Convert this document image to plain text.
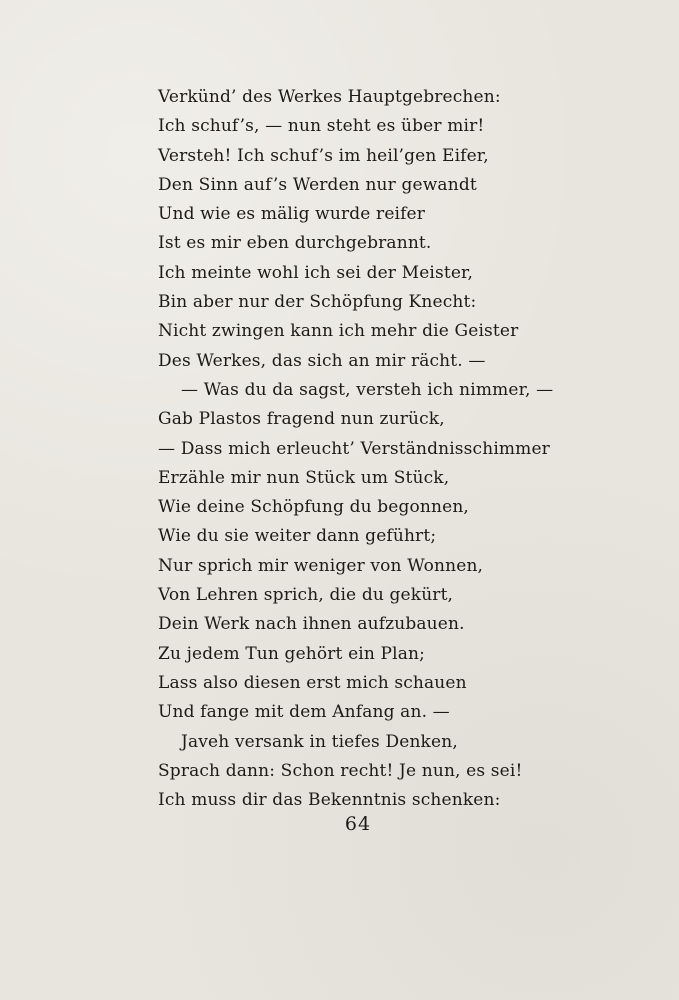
Verkünd’ des Werkes Hauptgebrechen:
Ich schuf’s, — nun steht es über mir!
Versteh! Ich schuf’s im heil’gen Eifer,
Den Sinn auf’s Werden nur gewandt
Und wie es mälig wurde reifer
Ist es mir eben durchgebrannt.
Ich meinte wohl ich sei der Meister,
Bin aber nur der Schöpfung Knecht:
Nicht zwingen kann ich mehr die Geister
Des Werkes, das sich an mir rächt. —
— Was du da sagst, versteh ich nimmer, —
Gab Plastos fragend nun zurück,
— Dass mich erleucht’ Verständnisschimmer
Erzähle mir nun Stück um Stück,
Wie deine Schöpfung du begonnen,
Wie du sie weiter dann geführt;
Nur sprich mir weniger von Wonnen,
Von Lehren sprich, die du gekürt,
Dein Werk nach ihnen aufzubauen.
Zu jedem Tun gehört ein Plan;
Lass also diesen erst mich schauen
Und fange mit dem Anfang an. —
Javeh versank in tiefes Denken,
Sprach dann: Schon recht! Je nun, es sei!
Ich muss dir das Bekenntnis schenken:
64
